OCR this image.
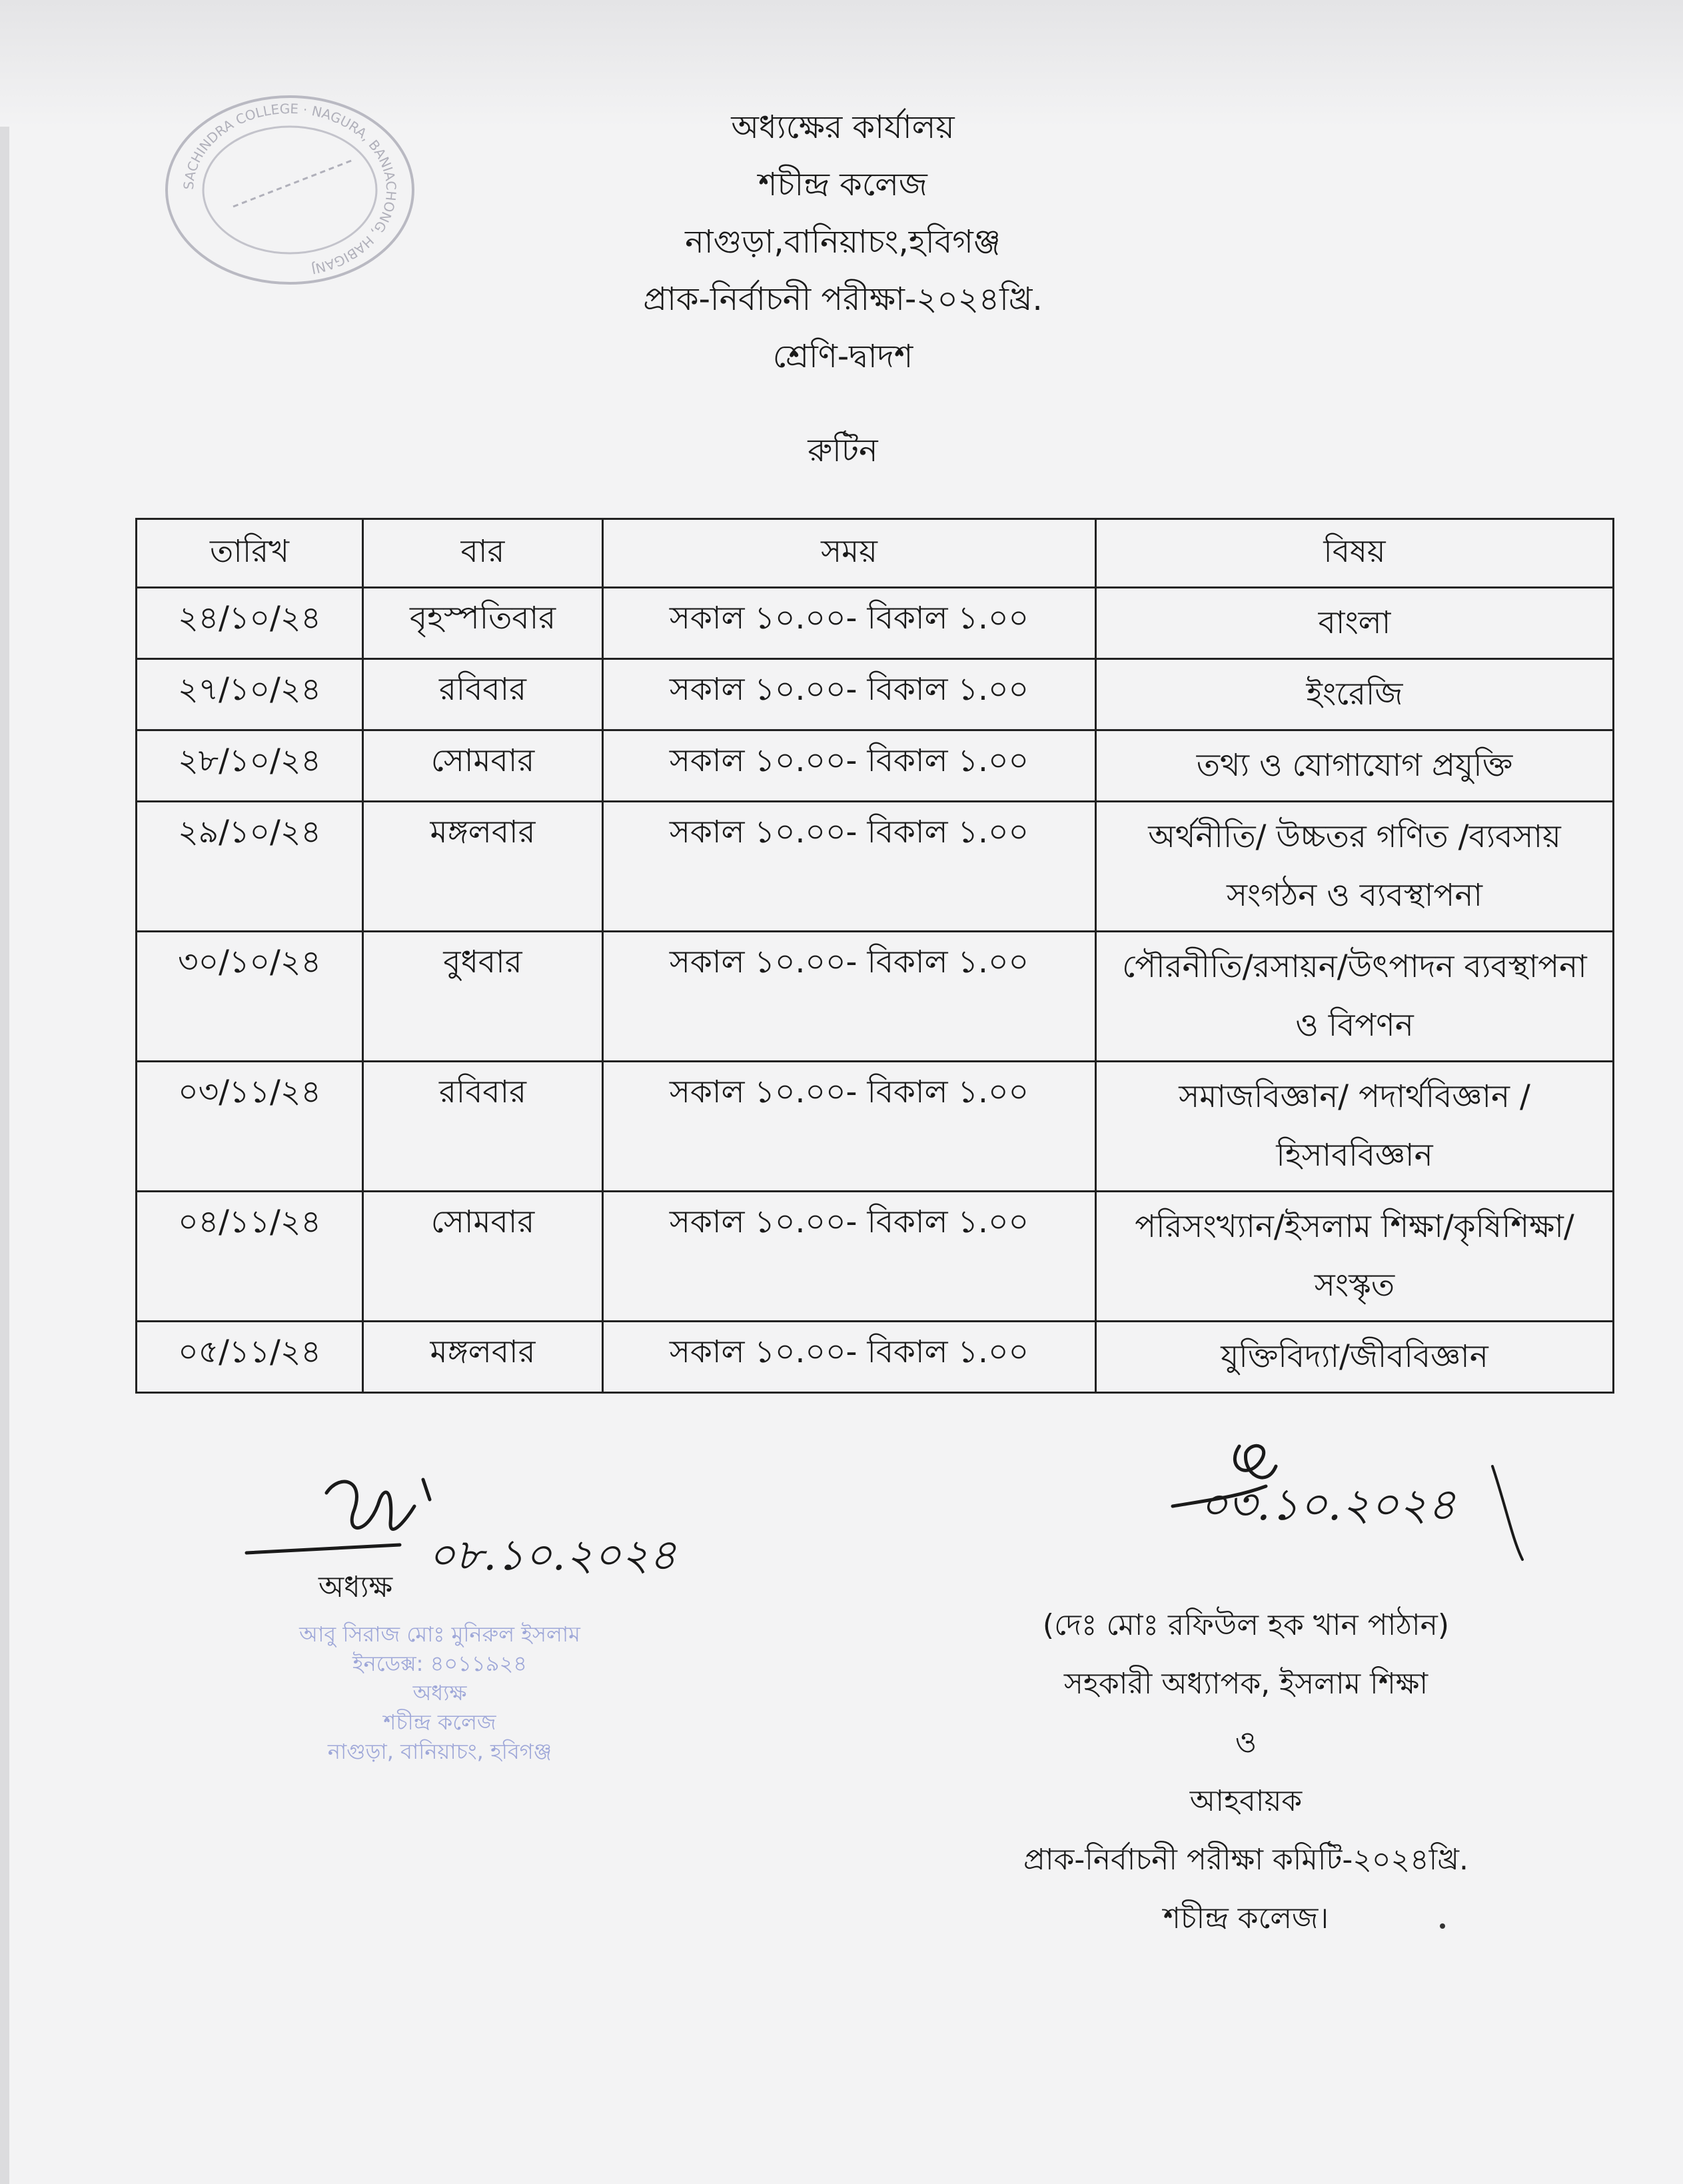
SACHINDRA COLLEGE · NAGURA, BANIACHONG, HABIGANJ
অধ্যক্ষের কার্যালয়
শচীন্দ্র কলেজ
নাগুড়া,বানিয়াচং,হবিগঞ্জ
প্রাক-নির্বাচনী পরীক্ষা-২০২৪খ্রি.
শ্রেণি-দ্বাদশ
রুটিন
তারিখ	বার	সময়	বিষয়
২৪/১০/২৪	বৃহস্পতিবার	সকাল ১০.০০- বিকাল ১.০০	বাংলা
২৭/১০/২৪	রবিবার	সকাল ১০.০০- বিকাল ১.০০	ইংরেজি
২৮/১০/২৪	সোমবার	সকাল ১০.০০- বিকাল ১.০০	তথ্য ও যোগাযোগ প্রযুক্তি
২৯/১০/২৪	মঙ্গলবার	সকাল ১০.০০- বিকাল ১.০০	অর্থনীতি/ উচ্চতর গণিত /ব্যবসায় সংগঠন ও ব্যবস্থাপনা
৩০/১০/২৪	বুধবার	সকাল ১০.০০- বিকাল ১.০০	পৌরনীতি/রসায়ন/উৎপাদন ব্যবস্থাপনা ও বিপণন
০৩/১১/২৪	রবিবার	সকাল ১০.০০- বিকাল ১.০০	সমাজবিজ্ঞান/ পদার্থবিজ্ঞান /হিসাববিজ্ঞান
০৪/১১/২৪	সোমবার	সকাল ১০.০০- বিকাল ১.০০	পরিসংখ্যান/ইসলাম শিক্ষা/কৃষিশিক্ষা/সংস্কৃত
০৫/১১/২৪	মঙ্গলবার	সকাল ১০.০০- বিকাল ১.০০	যুক্তিবিদ্যা/জীববিজ্ঞান
০৮.১০.২০২৪
অধ্যক্ষ
আবু সিরাজ মোঃ মুনিরুল ইসলাম
ইনডেক্স: ৪০১১৯২৪
অধ্যক্ষ
শচীন্দ্র কলেজ
নাগুড়া, বানিয়াচং, হবিগঞ্জ
০৩.১০.২০২৪
(দেঃ মোঃ রফিউল হক খান পাঠান)
সহকারী অধ্যাপক, ইসলাম শিক্ষা
ও
আহবায়ক
প্রাক-নির্বাচনী পরীক্ষা কমিটি-২০২৪খ্রি.
শচীন্দ্র কলেজ।
